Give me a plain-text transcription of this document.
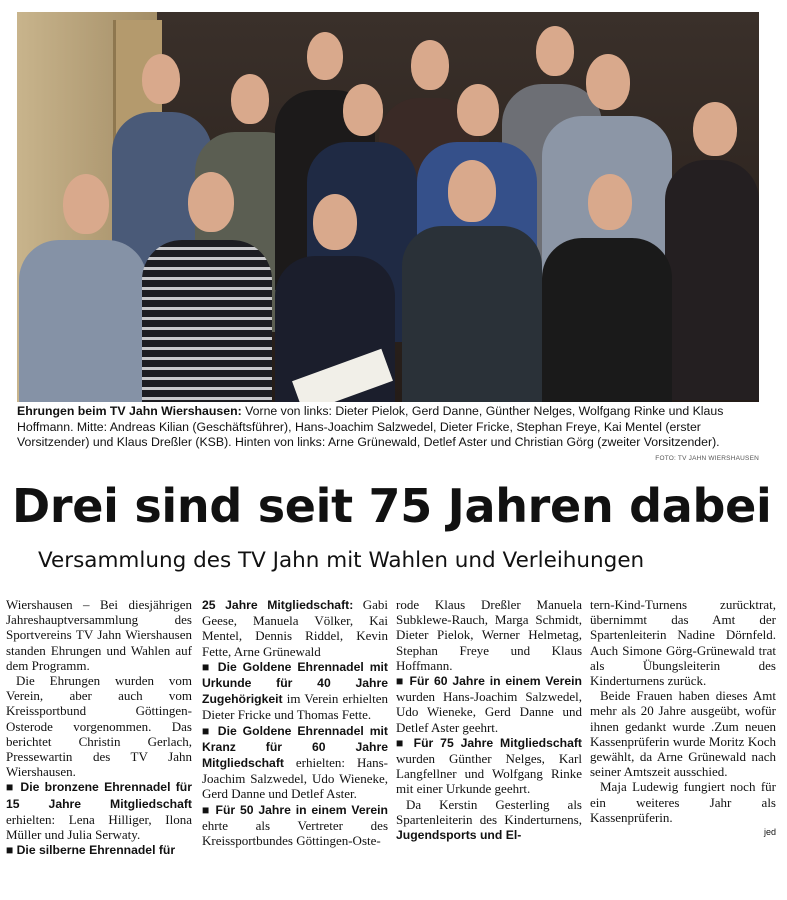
Ehrungen beim TV Jahn Wiershausen: Vorne von links: Dieter Pielok, Gerd Danne, Günther Nelges, Wolfgang Rinke und Klaus Hoffmann. Mitte: Andreas Kilian (Geschäftsführer), Hans-Joachim Salzwedel, Dieter Fricke, Stephan Freye, Kai Mentel (erster Vorsitzender) und Klaus Dreßler (KSB). Hinten von links: Arne Grünewald, Detlef Aster und Christian Görg (zweiter Vorsitzender).
FOTO: TV JAHN WIERSHAUSEN
Drei sind seit 75 Jahren dabei
Versammlung des TV Jahn mit Wahlen und Verleihungen

Wiershausen – Bei diesjährigen Jahreshauptversammlung des Sportvereins TV Jahn Wiershausen standen Ehrungen und Wahlen auf dem Programm.

Die Ehrungen wurden vom Verein, aber auch vom Kreissportbund Göttingen-Osterode vorgenommen. Das berichtet Christin Gerlach, Pressewartin des TV Jahn Wiershausen.

■ Die bronzene Ehrennadel für 15 Jahre Mitgliedschaft erhielten: Lena Hilliger, Ilona Müller und Julia Serwaty.

■ Die silberne Ehrennadel für

25 Jahre Mitgliedschaft: Gabi Geese, Manuela Völker, Kai Mentel, Dennis Riddel, Kevin Fette, Arne Grünewald

■ Die Goldene Ehrennadel mit Urkunde für 40 Jahre Zugehörigkeit im Verein erhielten Dieter Fricke und Thomas Fette.

■ Die Goldene Ehrennadel mit Kranz für 60 Jahre Mitgliedschaft erhielten: Hans-Joachim Salzwedel, Udo Wieneke, Gerd Danne und Detlef Aster.

■ Für 50 Jahre in einem Verein ehrte als Vertreter des Kreissportbundes Göttingen-Oste-

rode Klaus Dreßler Manuela Subklewe-Rauch, Marga Schmidt, Dieter Pielok, Werner Helmetag, Stephan Freye und Klaus Hoffmann.

■ Für 60 Jahre in einem Verein wurden Hans-Joachim Salzwedel, Udo Wieneke, Gerd Danne und Detlef Aster geehrt.

■ Für 75 Jahre Mitgliedschaft wurden Günther Nelges, Karl Langfellner und Wolfgang Rinke mit einer Urkunde geehrt.

Da Kerstin Gesterling als Spartenleiterin des Kinderturnens, Jugendsports und El-

tern-Kind-Turnens zurücktrat, übernimmt das Amt der Spartenleiterin Nadine Dörnfeld. Auch Simone Görg-Grünewald trat als Übungsleiterin des Kinderturnens zurück.

Beide Frauen haben dieses Amt mehr als 20 Jahre ausgeübt, wofür ihnen gedankt wurde .Zum neuen Kassenprüferin wurde Moritz Koch gewählt, da Arne Grünewald nach seiner Amtszeit ausschied.

Maja Ludewig fungiert noch für ein weiteres Jahr als Kassenprüferin.

jed
